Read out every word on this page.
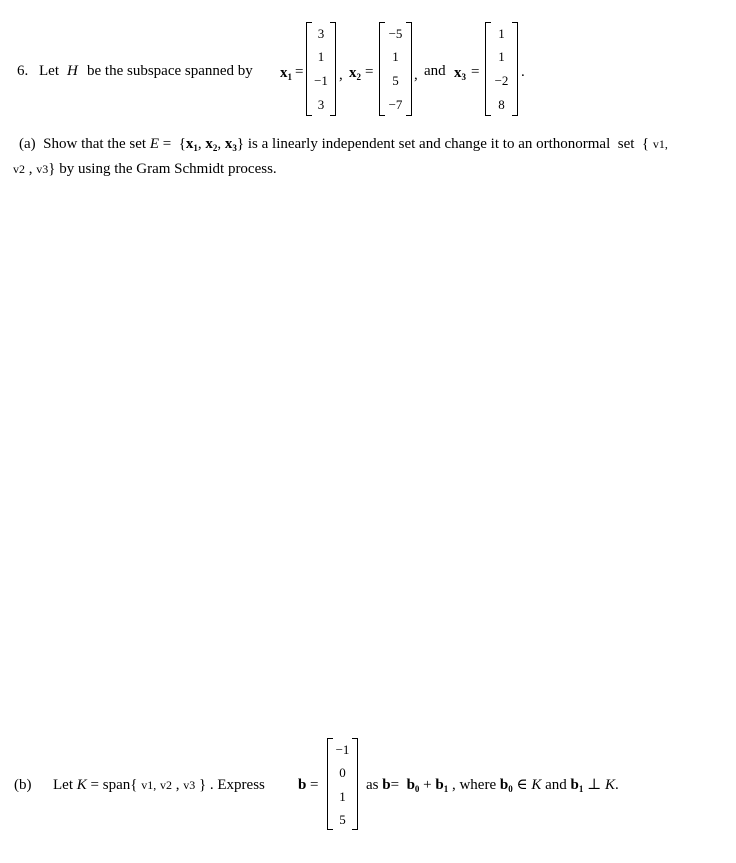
6. Let H be the subspace spanned by $x_1$ =
3
1
−1
3
, $x_2$ =
−5
1
5
−7
, and $x_3$ =
1
1
−2
8
.
(a) Show that the set $E = \{x_1$, $x_2$, $x_3$} is a linearly independent set and change it to an orthonormal set { v1,
v2 , v3} by using the Gram Schmidt process.
(b) Let K = span{ v1, v2 , v3 } . Express b =
−1
0
1
5
as $b= b_0 + b_1$ , where $b_0$ ∈ K and $b_1$ ⊥ K.
